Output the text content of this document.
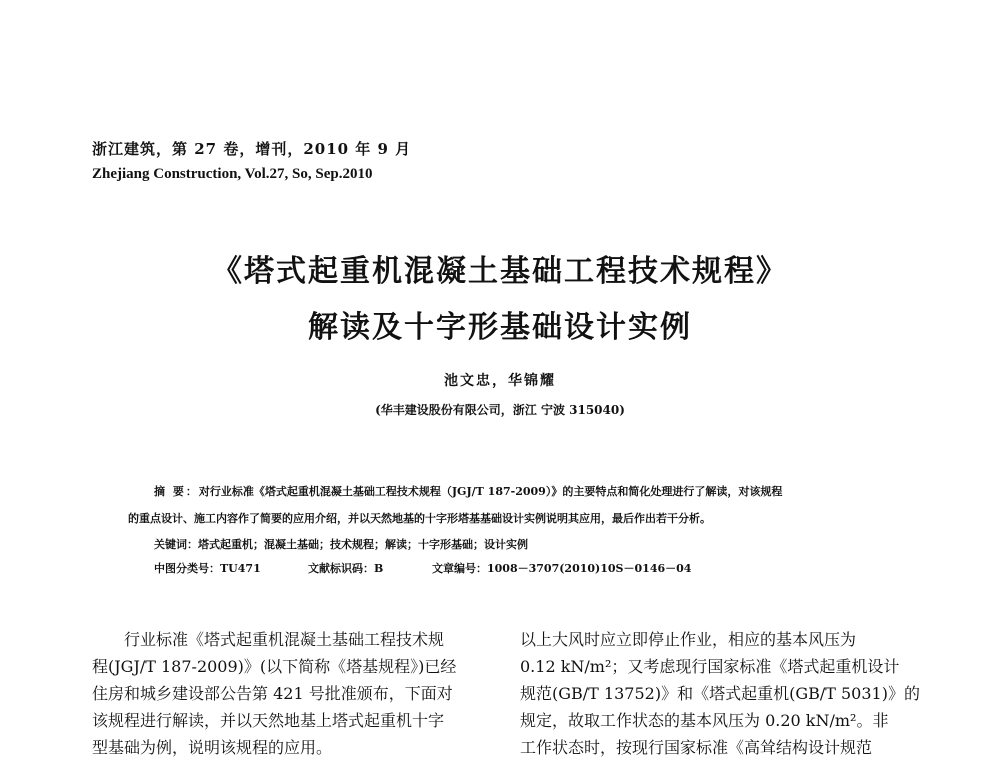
浙江建筑，第 27 卷，增刊，2010 年 9 月
Zhejiang Construction, Vol.27, So, Sep.2010
《塔式起重机混凝土基础工程技术规程》
解读及十字形基础设计实例
池文忠，华锦耀
(华丰建设股份有限公司，浙江 宁波 315040)
摘 要：对行业标准《塔式起重机混凝土基础工程技术规程（JGJ/T 187-2009）》的主要特点和简化处理进行了解读，对该规程
的重点设计、施工内容作了简要的应用介绍，并以天然地基的十字形塔基基础设计实例说明其应用，最后作出若干分析。
关键词：塔式起重机；混凝土基础；技术规程；解读；十字形基础；设计实例
中图分类号：TU471	文献标识码：B	文章编号：1008－3707(2010)10S－0146－04
行业标准《塔式起重机混凝土基础工程技术规
程(JGJ/T 187-2009)》(以下简称《塔基规程》)已经
住房和城乡建设部公告第 421 号批准颁布，下面对
该规程进行解读，并以天然地基上塔式起重机十字
型基础为例，说明该规程的应用。
以上大风时应立即停止作业，相应的基本风压为
0.12 kN/m²；又考虑现行国家标准《塔式起重机设计
规范(GB/T 13752)》和《塔式起重机(GB/T 5031)》的
规定，故取工作状态的基本风压为 0.20 kN/m²。非
工作状态时，按现行国家标准《高耸结构设计规范
